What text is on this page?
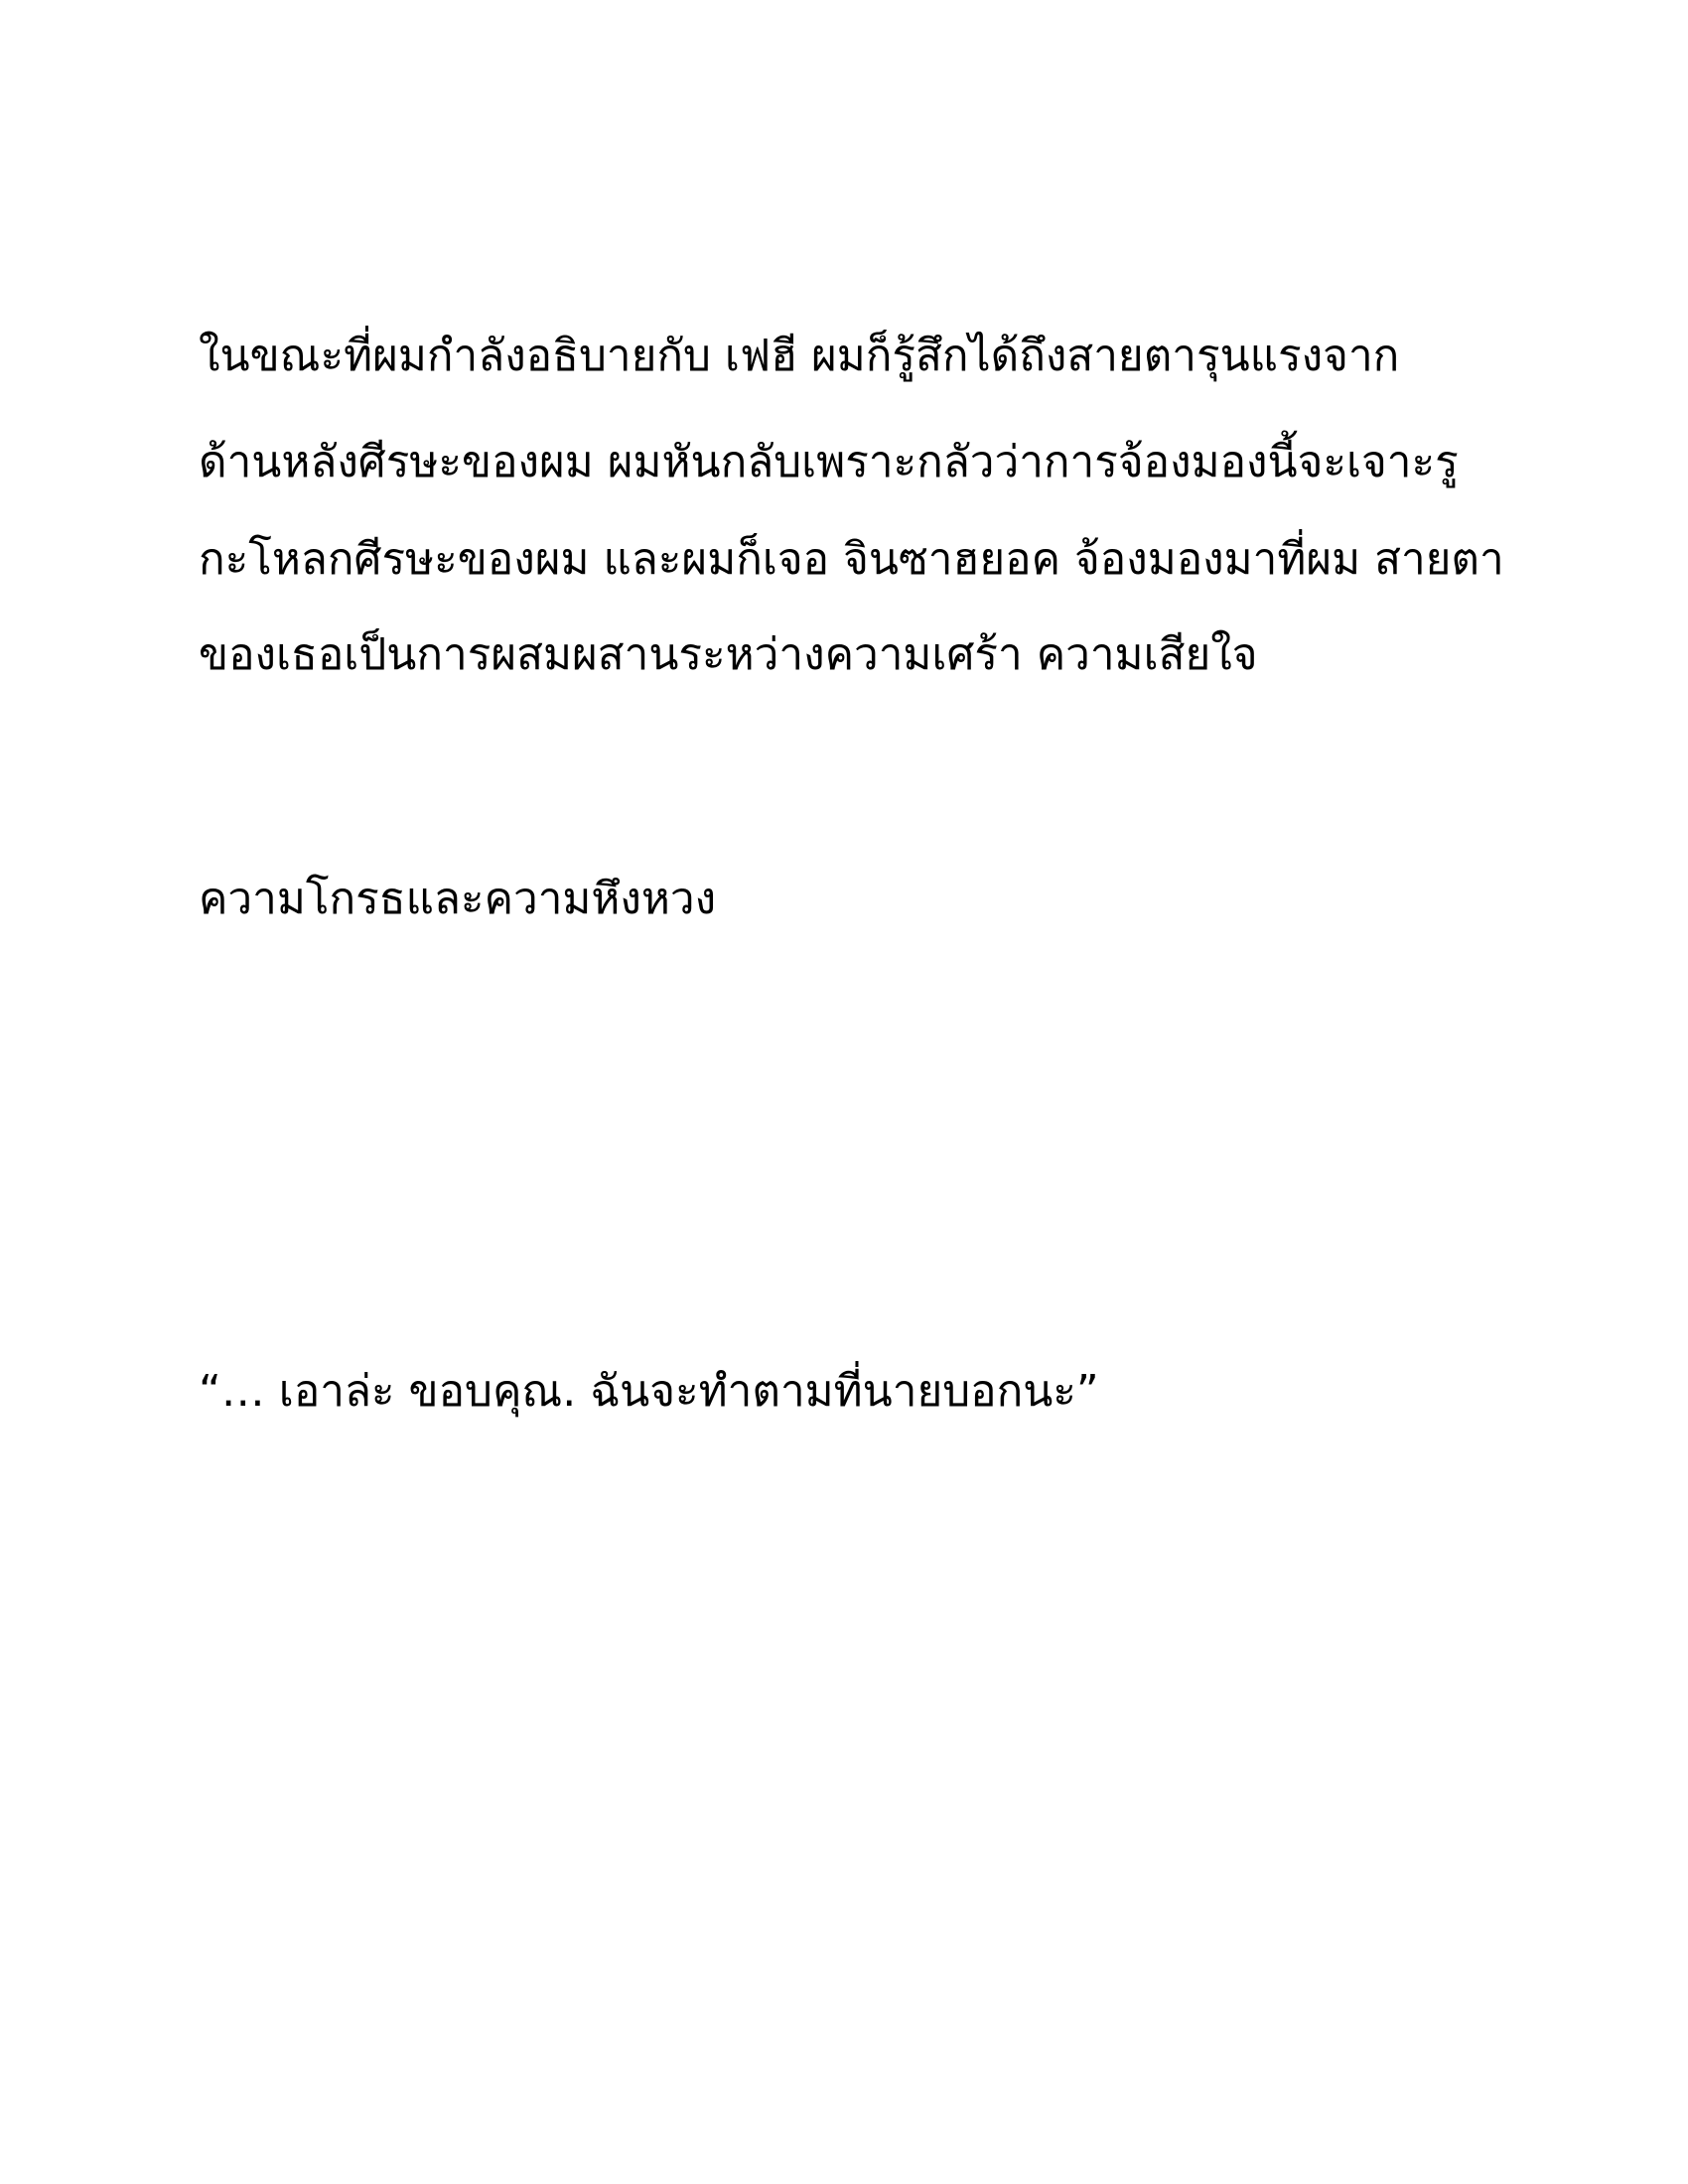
ในขณะที่ผมกำลังอธิบายกับ เฟฮี ผมก็รู้สึกได้ถึงสายตารุนแรงจาก
ด้านหลังศีรษะของผม ผมหันกลับเพราะกลัวว่าการจ้องมองนี้จะเจาะรู
กะโหลกศีรษะของผม และผมก็เจอ จินซาฮยอค จ้องมองมาที่ผม สายตา
ของเธอเป็นการผสมผสานระหว่างความเศร้า ความเสียใจ
ความโกรธและความหึงหวง
“… เอาล่ะ ขอบคุณ. ฉันจะทำตามที่นายบอกนะ”
